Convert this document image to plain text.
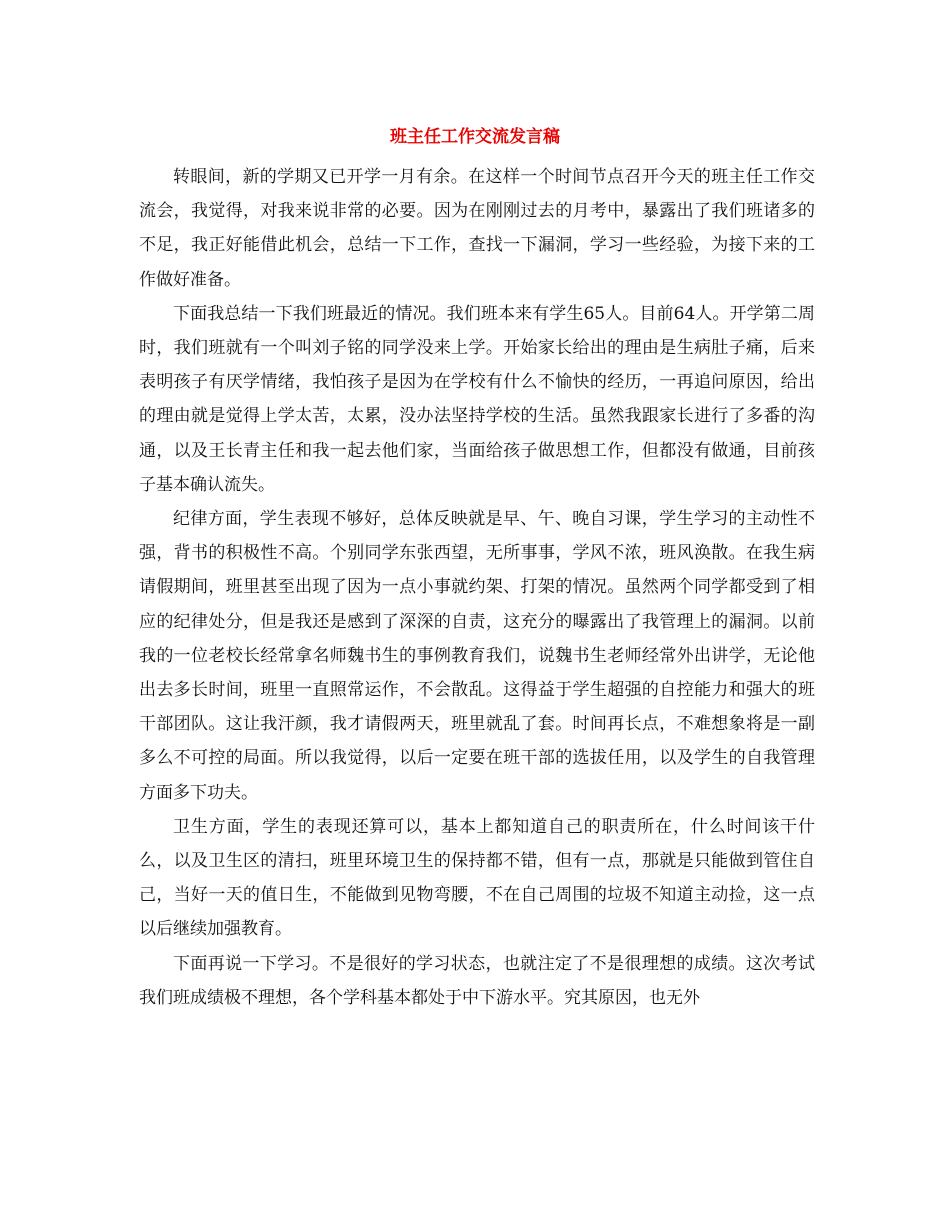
班主任工作交流发言稿

转眼间，新的学期又已开学一月有余。在这样一个时间节点召开今天的班主任工作交流会，我觉得，对我来说非常的必要。因为在刚刚过去的月考中，暴露出了我们班诸多的不足，我正好能借此机会，总结一下工作，查找一下漏洞，学习一些经验，为接下来的工作做好准备。

下面我总结一下我们班最近的情况。我们班本来有学生65人。目前64人。开学第二周时，我们班就有一个叫刘子铭的同学没来上学。开始家长给出的理由是生病肚子痛，后来表明孩子有厌学情绪，我怕孩子是因为在学校有什么不愉快的经历，一再追问原因，给出的理由就是觉得上学太苦，太累，没办法坚持学校的生活。虽然我跟家长进行了多番的沟通，以及王长青主任和我一起去他们家，当面给孩子做思想工作，但都没有做通，目前孩子基本确认流失。

纪律方面，学生表现不够好，总体反映就是早、午、晚自习课，学生学习的主动性不强，背书的积极性不高。个别同学东张西望，无所事事，学风不浓，班风涣散。在我生病请假期间，班里甚至出现了因为一点小事就约架、打架的情况。虽然两个同学都受到了相应的纪律处分，但是我还是感到了深深的自责，这充分的曝露出了我管理上的漏洞。以前我的一位老校长经常拿名师魏书生的事例教育我们，说魏书生老师经常外出讲学，无论他出去多长时间，班里一直照常运作，不会散乱。这得益于学生超强的自控能力和强大的班干部团队。这让我汗颜，我才请假两天，班里就乱了套。时间再长点，不难想象将是一副多么不可控的局面。所以我觉得，以后一定要在班干部的选拔任用，以及学生的自我管理方面多下功夫。

卫生方面，学生的表现还算可以，基本上都知道自己的职责所在，什么时间该干什么，以及卫生区的清扫，班里环境卫生的保持都不错，但有一点，那就是只能做到管住自己，当好一天的值日生，不能做到见物弯腰，不在自己周围的垃圾不知道主动捡，这一点以后继续加强教育。

下面再说一下学习。不是很好的学习状态，也就注定了不是很理想的成绩。这次考试我们班成绩极不理想，各个学科基本都处于中下游水平。究其原因，也无外
